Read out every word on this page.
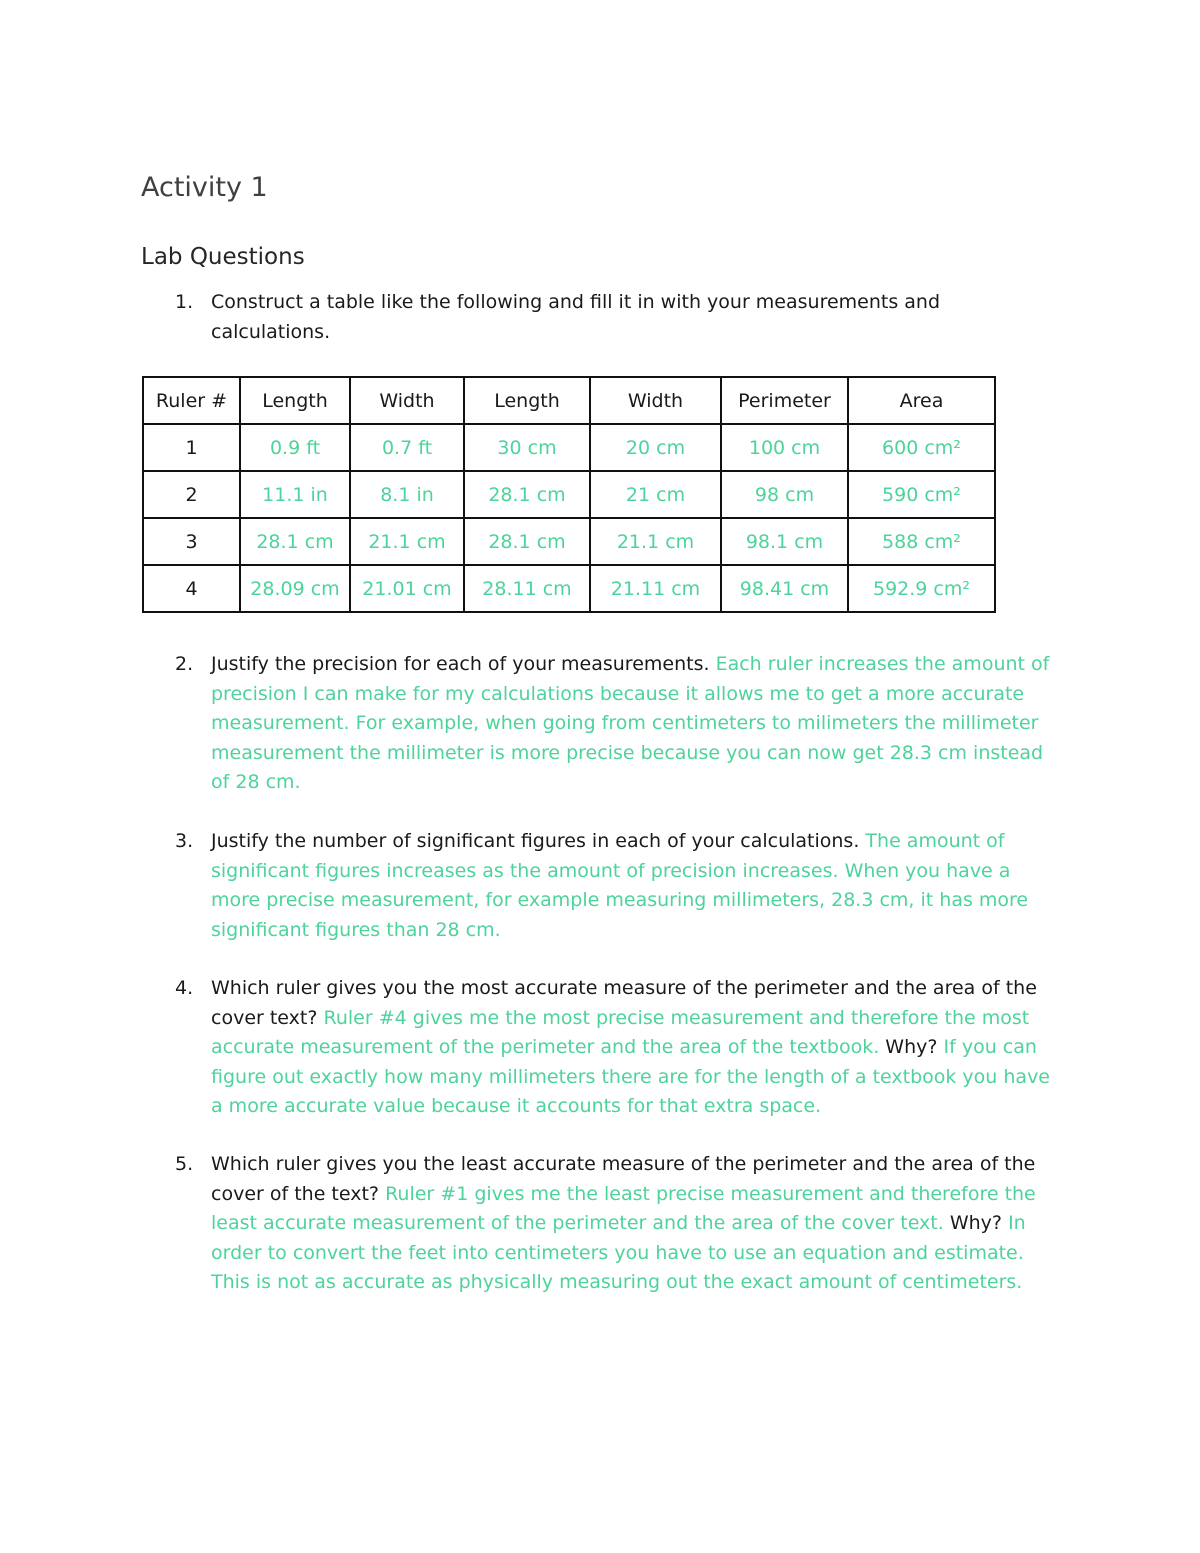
Activity 1
Lab Questions
1. Construct a table like the following and fill it in with your measurements and calculations.
Ruler #	Length	Width	Length	Width	Perimeter	Area
1	0.9 ft	0.7 ft	30 cm	20 cm	100 cm	600 cm²
2	11.1 in	8.1 in	28.1 cm	21 cm	98 cm	590 cm²
3	28.1 cm	21.1 cm	28.1 cm	21.1 cm	98.1 cm	588 cm²
4	28.09 cm	21.01 cm	28.11 cm	21.11 cm	98.41 cm	592.9 cm²
2. Justify the precision for each of your measurements. Each ruler increases the amount of precision I can make for my calculations because it allows me to get a more accurate measurement. For example, when going from centimeters to milimeters the millimeter measurement the millimeter is more precise because you can now get 28.3 cm instead of 28 cm.
3. Justify the number of significant figures in each of your calculations. The amount of significant figures increases as the amount of precision increases. When you have a more precise measurement, for example measuring millimeters, 28.3 cm, it has more significant figures than 28 cm.
4. Which ruler gives you the most accurate measure of the perimeter and the area of the cover text? Ruler #4 gives me the most precise measurement and therefore the most accurate measurement of the perimeter and the area of the textbook. Why? If you can figure out exactly how many millimeters there are for the length of a textbook you have a more accurate value because it accounts for that extra space.
5. Which ruler gives you the least accurate measure of the perimeter and the area of the cover of the text? Ruler #1 gives me the least precise measurement and therefore the least accurate measurement of the perimeter and the area of the cover text. Why? In order to convert the feet into centimeters you have to use an equation and estimate. This is not as accurate as physically measuring out the exact amount of centimeters.
